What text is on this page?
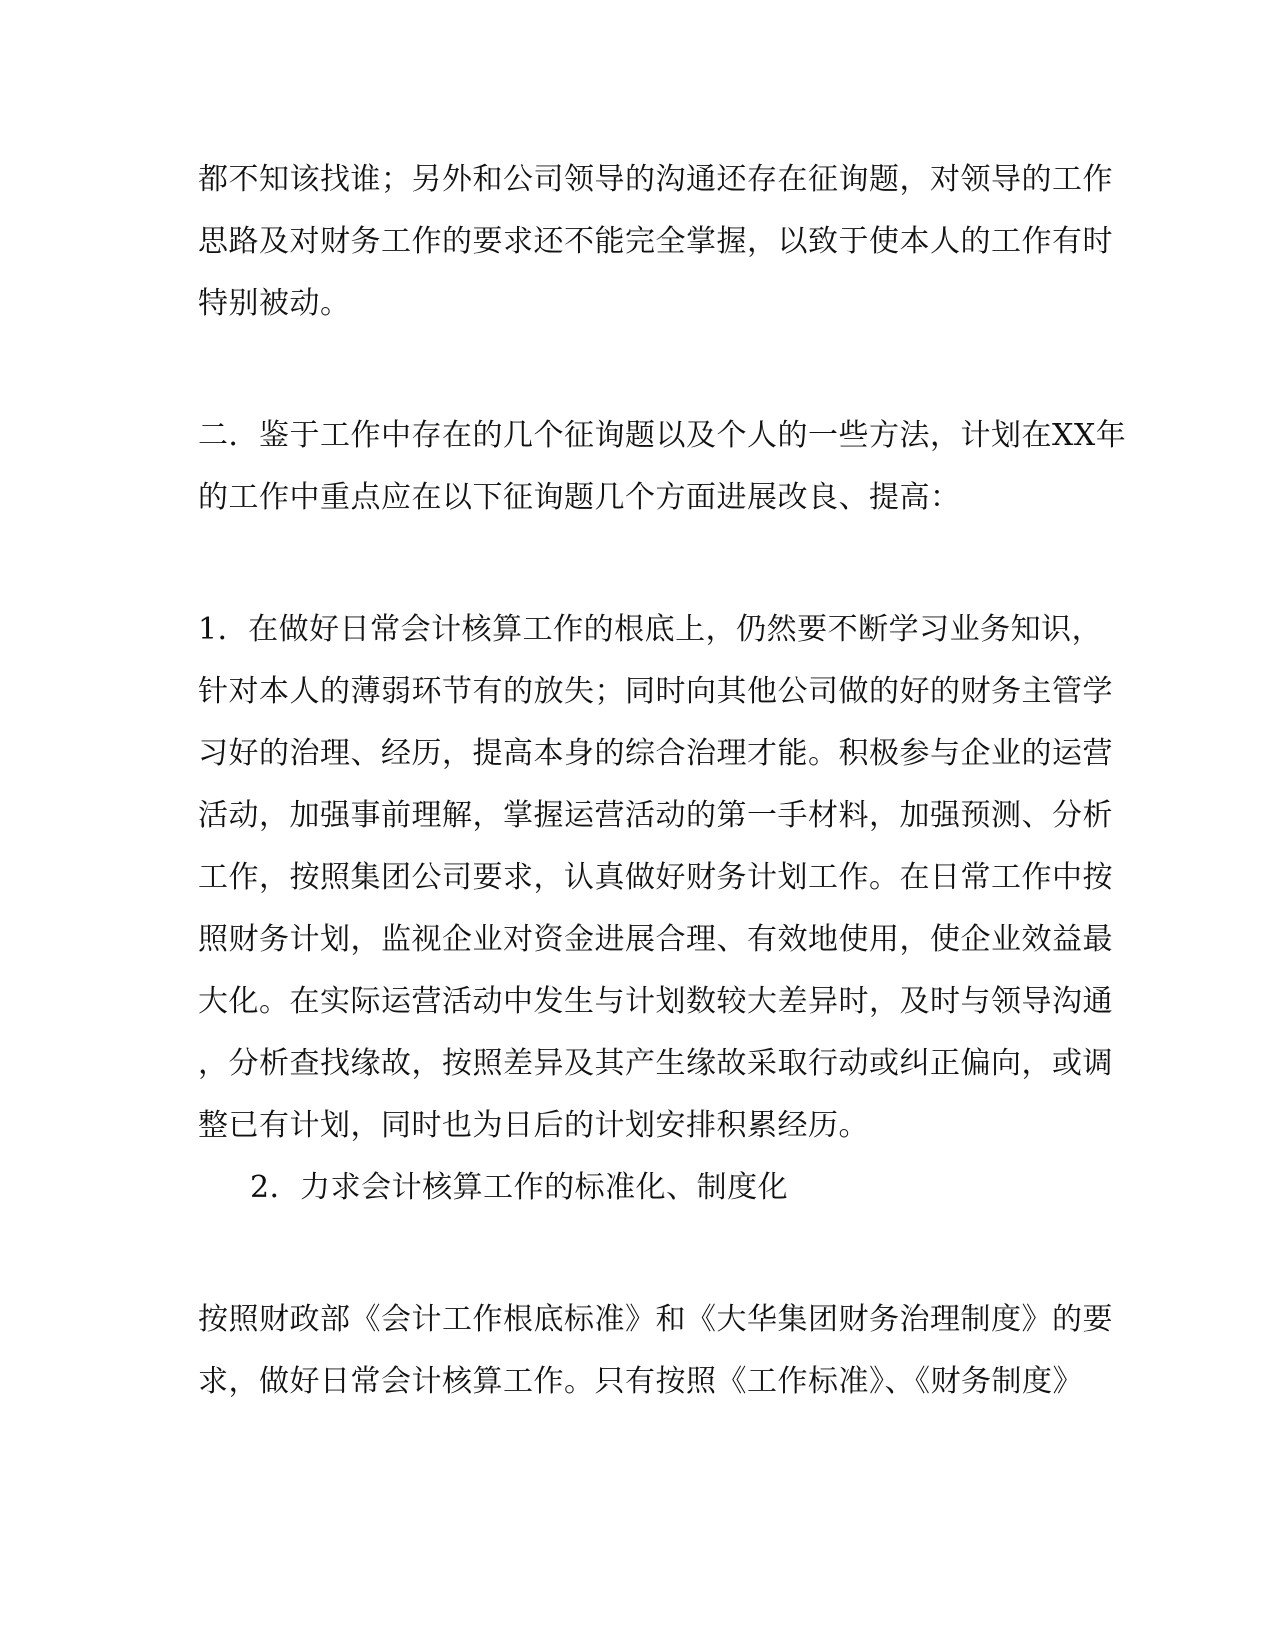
都不知该找谁；另外和公司领导的沟通还存在征询题，对领导的工作
思路及对财务工作的要求还不能完全掌握，以致于使本人的工作有时
特别被动。
二．鉴于工作中存在的几个征询题以及个人的一些方法，计划在XX年
的工作中重点应在以下征询题几个方面进展改良、提高：
1．在做好日常会计核算工作的根底上，仍然要不断学习业务知识，
针对本人的薄弱环节有的放失；同时向其他公司做的好的财务主管学
习好的治理、经历，提高本身的综合治理才能。积极参与企业的运营
活动，加强事前理解，掌握运营活动的第一手材料，加强预测、分析
工作，按照集团公司要求，认真做好财务计划工作。在日常工作中按
照财务计划，监视企业对资金进展合理、有效地使用，使企业效益最
大化。在实际运营活动中发生与计划数较大差异时，及时与领导沟通
，分析查找缘故，按照差异及其产生缘故采取行动或纠正偏向，或调
整已有计划，同时也为日后的计划安排积累经历。
2．力求会计核算工作的标准化、制度化
按照财政部《会计工作根底标准》和《大华集团财务治理制度》的要
求，做好日常会计核算工作。只有按照《工作标准》、《财务制度》
